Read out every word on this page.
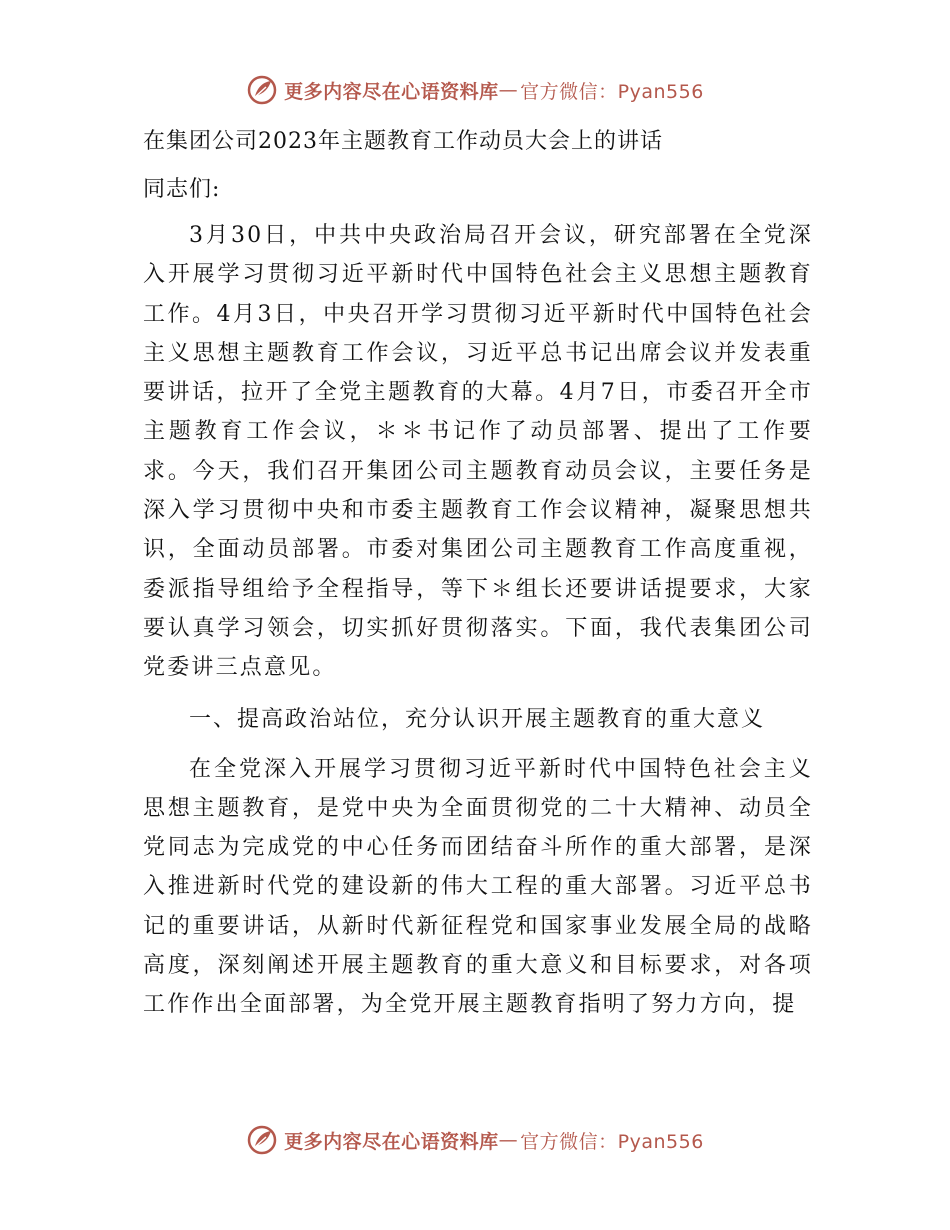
更多内容尽在心语资料库 — 官方微信：Pyan556

在集团公司2023年主题教育工作动员大会上的讲话

同志们:

3月30日，中共中央政治局召开会议，研究部署在全党深入开展学习贯彻习近平新时代中国特色社会主义思想主题教育工作。4月3日，中央召开学习贯彻习近平新时代中国特色社会主义思想主题教育工作会议，习近平总书记出席会议并发表重要讲话，拉开了全党主题教育的大幕。4月7日，市委召开全市主题教育工作会议，＊＊书记作了动员部署、提出了工作要求。今天，我们召开集团公司主题教育动员会议，主要任务是深入学习贯彻中央和市委主题教育工作会议精神，凝聚思想共识，全面动员部署。市委对集团公司主题教育工作高度重视，委派指导组给予全程指导，等下＊组长还要讲话提要求，大家要认真学习领会，切实抓好贯彻落实。下面，我代表集团公司党委讲三点意见。

一、提高政治站位，充分认识开展主题教育的重大意义

在全党深入开展学习贯彻习近平新时代中国特色社会主义思想主题教育，是党中央为全面贯彻党的二十大精神、动员全党同志为完成党的中心任务而团结奋斗所作的重大部署，是深入推进新时代党的建设新的伟大工程的重大部署。习近平总书记的重要讲话，从新时代新征程党和国家事业发展全局的战略高度，深刻阐述开展主题教育的重大意义和目标要求，对各项工作作出全面部署，为全党开展主题教育指明了努力方向，提

更多内容尽在心语资料库 — 官方微信：Pyan556
